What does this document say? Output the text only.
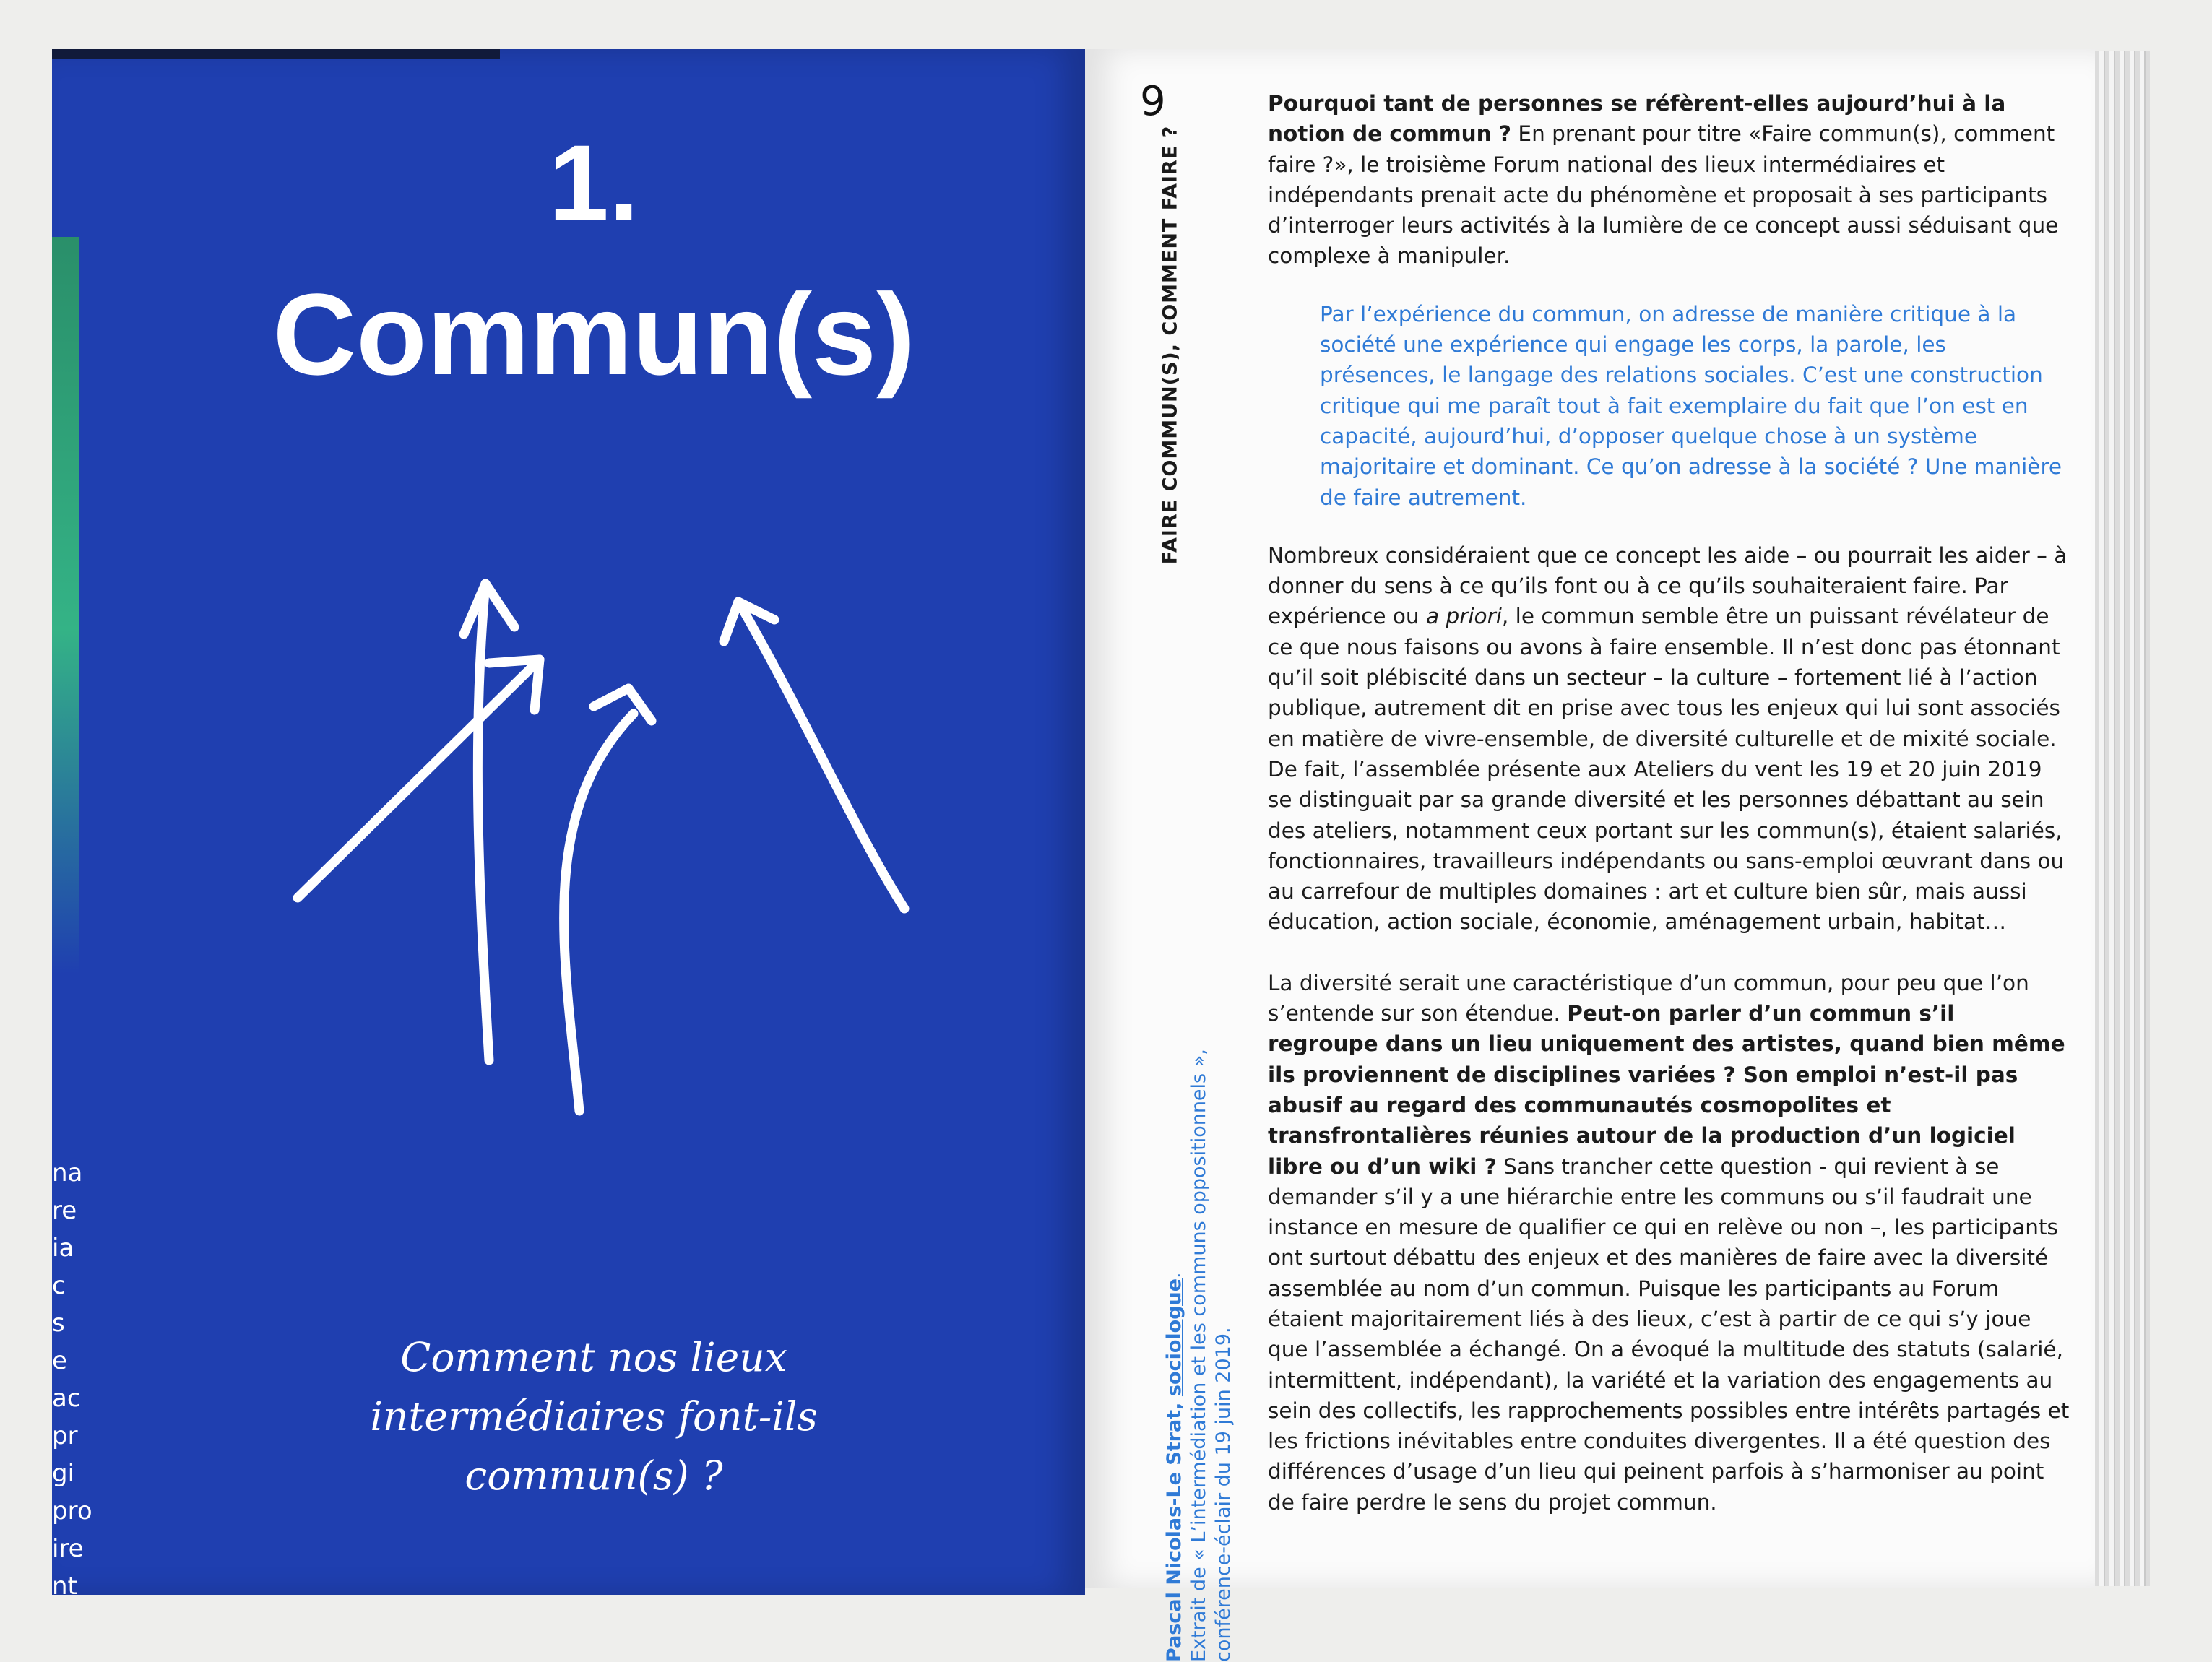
na
re
ia
c
s
e
ac
pr
gi
pro
ire
nt
1.
Commun(s)
Comment nos lieux
intermédiaires font-ils
commun(s) ?
9
FAIRE COMMUN(S), COMMENT FAIRE ?
Pascal Nicolas-Le Strat, sociologue. Extrait de « L’intermédiation et les communs oppositionnels », conférence-éclair du 19 juin 2019.

Pourquoi tant de personnes se réfèrent-elles aujourd’hui à la notion de commun ? En prenant pour titre «Faire commun(s), comment faire ?», le troisième Forum national des lieux intermédiaires et indépendants prenait acte du phénomène et proposait à ses participants d’interroger leurs activités à la lumière de ce concept aussi séduisant que complexe à manipuler.

Par l’expérience du commun, on adresse de manière critique à la société une expérience qui engage les corps, la parole, les présences, le langage des relations sociales. C’est une construction critique qui me paraît tout à fait exemplaire du fait que l’on est en capacité, aujourd’hui, d’opposer quelque chose à un système majoritaire et dominant. Ce qu’on adresse à la société ? Une manière de faire autrement.

Nombreux considéraient que ce concept les aide – ou pourrait les aider – à donner du sens à ce qu’ils font ou à ce qu’ils souhaiteraient faire. Par expérience ou a priori, le commun semble être un puissant révélateur de ce que nous faisons ou avons à faire ensemble. Il n’est donc pas étonnant qu’il soit plébiscité dans un secteur – la culture – fortement lié à l’action publique, autrement dit en prise avec tous les enjeux qui lui sont associés en matière de vivre-ensemble, de diversité culturelle et de mixité sociale. De fait, l’assemblée présente aux Ateliers du vent les 19 et 20 juin 2019 se distinguait par sa grande diversité et les personnes débattant au sein des ateliers, notamment ceux portant sur les commun(s), étaient salariés, fonctionnaires, travailleurs indépendants ou sans-emploi œuvrant dans ou au carrefour de multiples domaines : art et culture bien sûr, mais aussi éducation, action sociale, économie, aménagement urbain, habitat…

La diversité serait une caractéristique d’un commun, pour peu que l’on s’entende sur son étendue. Peut-on parler d’un commun s’il regroupe dans un lieu uniquement des artistes, quand bien même ils proviennent de disciplines variées ? Son emploi n’est-il pas abusif au regard des communautés cosmopolites et transfrontalières réunies autour de la production d’un logiciel libre ou d’un wiki ? Sans trancher cette question - qui revient à se demander s’il y a une hiérarchie entre les communs ou s’il faudrait une instance en mesure de qualifier ce qui en relève ou non –, les participants ont surtout débattu des enjeux et des manières de faire avec la diversité assemblée au nom d’un commun. Puisque les participants au Forum étaient majoritairement liés à des lieux, c’est à partir de ce qui s’y joue que l’assemblée a échangé. On a évoqué la multitude des statuts (salarié, intermittent, indépendant), la variété et la variation des engagements au sein des collectifs, les rapprochements possibles entre intérêts partagés et les frictions inévitables entre conduites divergentes. Il a été question des différences d’usage d’un lieu qui peinent parfois à s’harmoniser au point de faire perdre le sens du projet commun.
